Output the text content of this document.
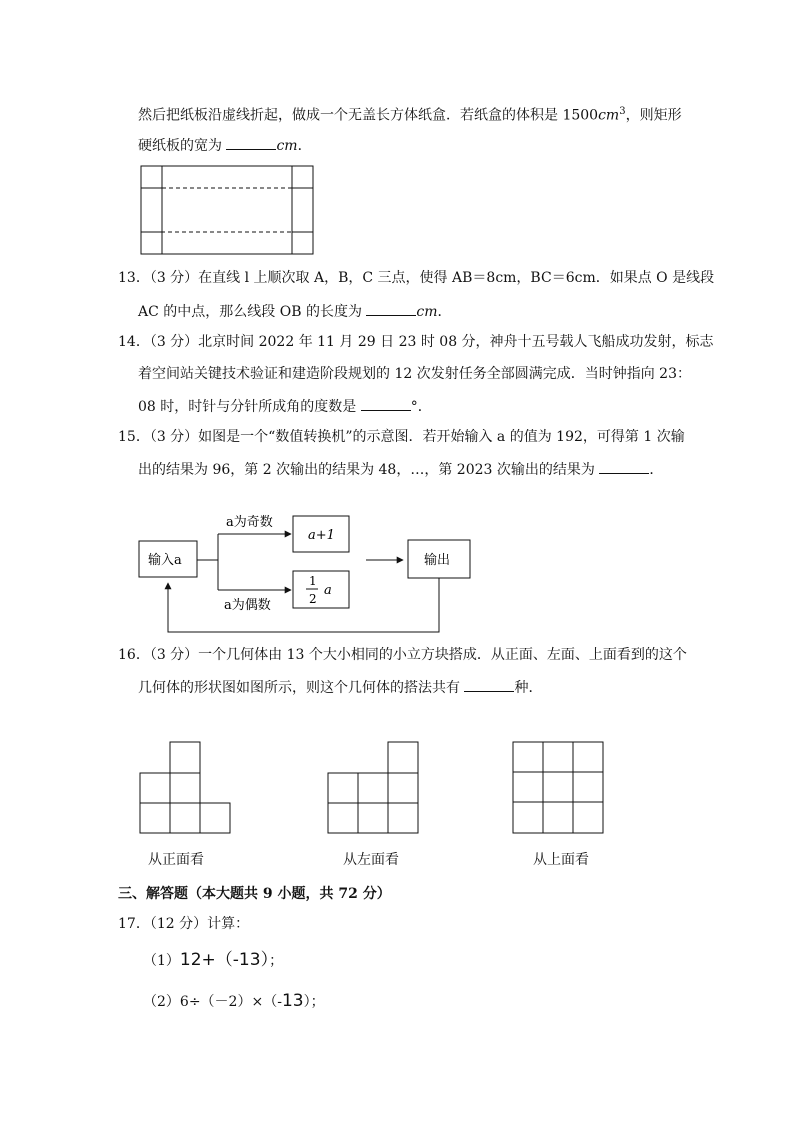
然后把纸板沿虚线折起，做成一个无盖长方体纸盒．若纸盒的体积是 $1500cm^3$，则矩形
硬纸板的宽为	cm．
13．（3 分）在直线 l 上顺次取 A，B，C 三点，使得 AB＝8cm，BC＝6cm．如果点 O 是线段
AC 的中点，那么线段 OB 的长度为	cm．
14．（3 分）北京时间 2022 年 11 月 29 日 23 时 08 分，神舟十五号载人飞船成功发射，标志
着空间站关键技术验证和建造阶段规划的 12 次发射任务全部圆满完成．当时钟指向 23：
08 时，时针与分针所成角的度数是	°．
15．（3 分）如图是一个“数值转换机”的示意图．若开始输入 a 的值为 192，可得第 1 次输
出的结果为 96，第 2 次输出的结果为 48，…，第 2023 次输出的结果为	．
输入a
a为奇数
a为偶数
a+1
1
2
a
输出
16．（3 分）一个几何体由 13 个大小相同的小立方块搭成．从正面、左面、上面看到的这个
几何体的形状图如图所示，则这个几何体的搭法共有	种．
从正面看	从左面看	从上面看
三、解答题（本大题共 9 小题，共 72 分）
17．（12 分）计算：
（1）12+（-13）；
（2）6÷（－2）×（-13）；
